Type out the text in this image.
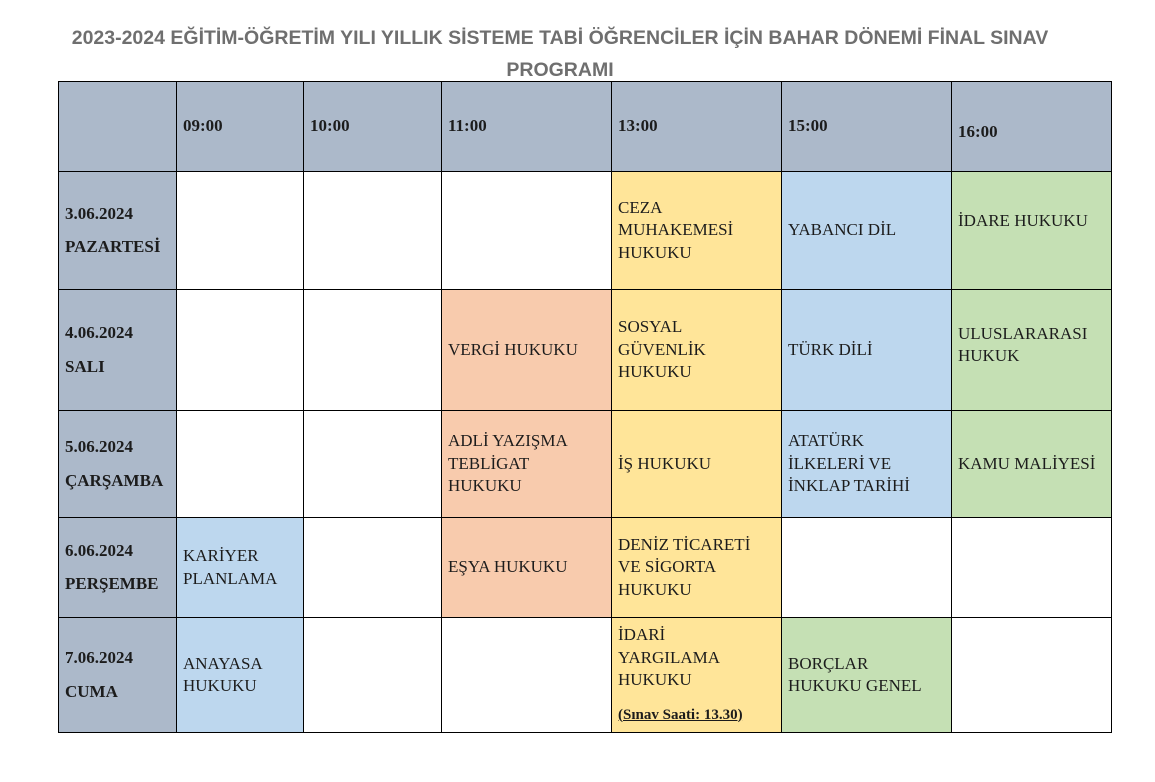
2023-2024 EĞİTİM-ÖĞRETİM YILI YILLIK SİSTEME TABİ ÖĞRENCİLER İÇİN BAHAR DÖNEMİ FİNAL SINAV
PROGRAMI
	09:00	10:00	11:00	13:00	15:00	16:00

3.06.2024
PAZARTESİ				CEZA
MUHAKEMESİ
HUKUKU	YABANCI DİL	İDARE HUKUKU

4.06.2024
SALI			VERGİ HUKUKU	SOSYAL
GÜVENLİK
HUKUKU	TÜRK DİLİ	ULUSLARARASI
HUKUK

5.06.2024
ÇARŞAMBA			ADLİ YAZIŞMA
TEBLİGAT
HUKUKU	İŞ HUKUKU	ATATÜRK
İLKELERİ VE
İNKLAP TARİHİ	KAMU MALİYESİ

6.06.2024
PERŞEMBE	KARİYER
PLANLAMA		EŞYA HUKUKU	DENİZ TİCARETİ
VE SİGORTA
HUKUKU		

7.06.2024
CUMA	ANAYASA
HUKUKU			İDARİ
YARGILAMA
HUKUKU
(Sınav Saati: 13.30)	BORÇLAR
HUKUKU GENEL	
